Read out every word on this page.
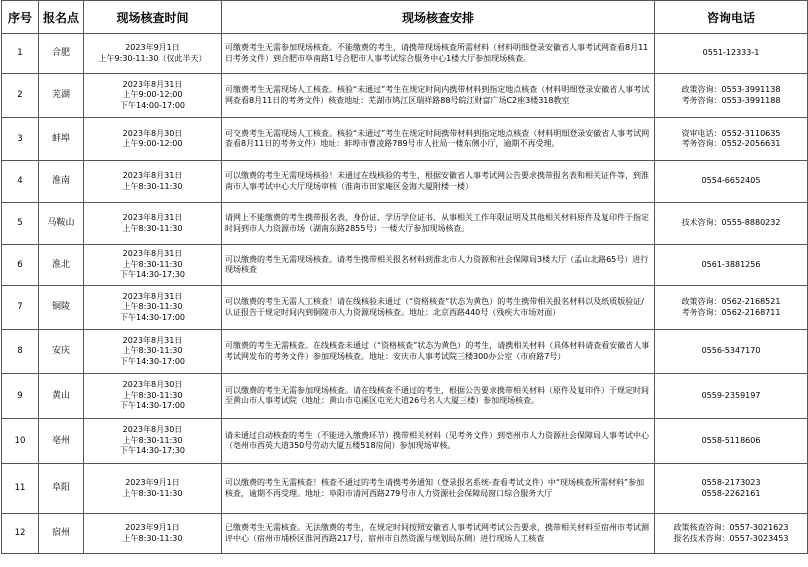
序号	报名点	现场核查时间	现场核查安排	咨询电话
1	合肥	2023年9月1日
上午9:30-11:30（仅此半天）	可缴费考生无需参加现场核查。不能缴费的考生，请携带现场核查所需材料（材料明细登录安徽省人事考试网查看8月11日考务文件）到合肥市阜南路1号合肥市人事考试综合服务中心1楼大厅参加现场核查。	0551-12333-1

2	芜湖	2023年8月31日
上午9:00-12:00
下午14:00-17:00	可缴费考生无需现场人工核查。核验“未通过”考生在规定时间内携带材料到指定地点核查（材料明细登录安徽省人事考试网查看8月11日的考务文件）核查地址：芜湖市鸠江区瑞祥路88号皖江财富广场C2座3楼318教室	政策咨询：0553-3991138
考务咨询：0553-3991188

3	蚌埠	2023年8月30日
上午9:00-12:00	可交费考生无需现场人工核查。核验“未通过”考生在规定时间携带材料到指定地点核查（材料明细登录安徽省人事考试网查看8月11日的考务文件）地址：蚌埠市曹凌路789号市人社局一楼东侧小厅，逾期不再受理。	资审电话：0552-3110635
考务咨询：0552-2056631

4	淮南	2023年8月31日
上午8:30-11:30	可以缴费的考生无需现场核验！未通过在线核验的考生，根据安徽省人事考试网公告要求携带报名表和相关证件等，到淮南市人事考试中心大厅现场审核（淮南市田家庵区金海大厦附楼一楼）	0554-6652405

5	马鞍山	2023年8月31日
上午8:30-11:30	请网上不能缴费的考生携带报名表、身份证、学历学位证书、从事相关工作年限证明及其他相关材料原件及复印件于指定时间到市人力资源市场（湖南东路2855号）一楼大厅参加现场核查。	技术咨询：0555-8880232

6	淮北	2023年8月31日
上午8:30-11:30
下午14:30-17:30	可以缴费的考生无需现场核查。请考生携带相关报名材料到淮北市人力资源和社会保障局3楼大厅（孟山北路65号）进行现场核查	0561-3881256

7	铜陵	2023年8月31日
上午8:30-11:30
下午14:30-17:00	可以缴费的考生无需人工核查！请在线核验未通过（“资格核查”状态为黄色）的考生携带相关报名材料以及纸质版验证/认证报告于规定时间内到铜陵市人力资源现场核查。地址：北京西路440号（残疾大市场对面）	政策咨询：0562-2168521
考务咨询：0562-2168711

8	安庆	2023年8月31日
上午8:30-11:30
下午14:30-17:00	可缴费的考生无需核查。在线核查未通过（“资格核查”状态为黄色）的考生，请携相关材料（具体材料请查看安徽省人事考试网发布的考务文件）参加现场核查。地址：安庆市人事考试院三楼300办公室（市府路7号）	0556-5347170

9	黄山	2023年8月30日
上午8:30-11:30
下午14:30-17:00	可以缴费的考生无需参加现场核查。请在线核查不通过的考生，根据公告要求携带相关材料（原件及复印件）于规定时间至黄山市人事考试院（地址：黄山市屯溪区屯光大道26号名人大厦三楼）参加现场核查。	0559-2359197

10	亳州	2023年8月30日
上午8:30-11:30
下午14:30-17:30	请未通过自动核查的考生（不能进入缴费环节）携带相关材料（见考务文件）到亳州市人力资源社会保障局人事考试中心（亳州市西英大道350号劳动大厦五楼518房间）参加现场审核。	0558-5118606

11	阜阳	2023年9月1日
上午8:30-11:30	可以缴费的考生无需核查！核查不通过的考生请携考务通知（登录报名系统-查看考试文件）中“现场核查所需材料”参加核查，逾期不再受理。地址：阜阳市清河西路279号市人力资源社会保障局窗口综合服务大厅	0558-2173023
0558-2262161

12	宿州	2023年9月1日
上午8:30-11:30	已缴费考生无需核查。无法缴费的考生，在规定时间按照安徽省人事考试网考试公告要求，携带相关材料至宿州市考试测评中心（宿州市埇桥区淮河西路217号，宿州市自然资源与规划局东侧）进行现场人工核查	政策核查咨询：0557-3021623
报名技术咨询：0557-3023453
